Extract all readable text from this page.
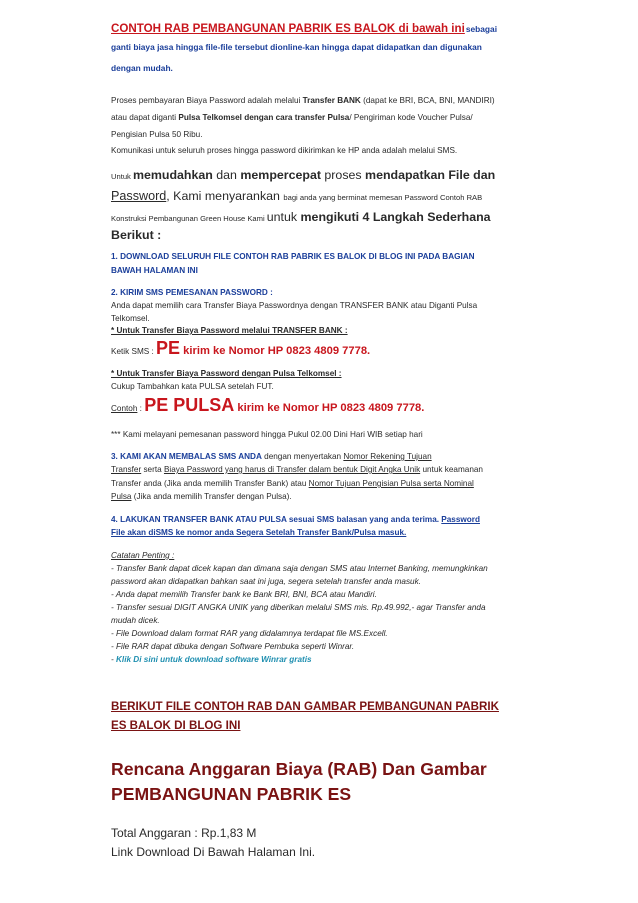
CONTOH RAB PEMBANGUNAN PABRIK ES BALOK di bawah inisebagai
ganti biaya jasa hingga file-file tersebut dionline-kan hingga dapat didapatkan dan digunakan
dengan mudah.
Proses pembayaran Biaya Password adalah melalui Transfer BANK (dapat ke BRI, BCA, BNI, MANDIRI)
atau dapat diganti Pulsa Telkomsel dengan cara transfer Pulsa/ Pengiriman kode Voucher Pulsa/
Pengisian Pulsa 50 Ribu.
Komunikasi untuk seluruh proses hingga password dikirimkan ke HP anda adalah melalui SMS.
Untuk memudahkan dan mempercepat proses mendapatkan File dan
Password, Kami menyarankan bagi anda yang berminat memesan Password Contoh RAB
Konstruksi Pembangunan Green House Kami untuk mengikuti 4 Langkah Sederhana
Berikut :
1. DOWNLOAD SELURUH FILE CONTOH RAB PABRIK ES BALOK DI BLOG INI PADA BAGIAN
BAWAH HALAMAN INI
2. KIRIM SMS PEMESANAN PASSWORD :
Anda dapat memilih cara Transfer Biaya Passwordnya dengan TRANSFER BANK atau Diganti Pulsa
Telkomsel.
* Untuk Transfer Biaya Password melalui TRANSFER BANK :
Ketik SMS : PE kirim ke Nomor HP 0823 4809 7778.
* Untuk Transfer Biaya Password dengan Pulsa Telkomsel :
Cukup Tambahkan kata PULSA setelah FUT.
Contoh : PE PULSA kirim ke Nomor HP 0823 4809 7778.
*** Kami melayani pemesanan password hingga Pukul 02.00 Dini Hari WIB setiap hari
3. KAMI AKAN MEMBALAS SMS ANDA dengan menyertakan Nomor Rekening Tujuan
Transfer serta Biaya Password yang harus di Transfer dalam bentuk Digit Angka Unik untuk keamanan
Transfer anda (Jika anda memilih Transfer Bank) atau Nomor Tujuan Pengisian Pulsa serta Nominal
Pulsa (Jika anda memilih Transfer dengan Pulsa).
4. LAKUKAN TRANSFER BANK ATAU PULSA sesuai SMS balasan yang anda terima. Password
File akan diSMS ke nomor anda Segera Setelah Transfer Bank/Pulsa masuk.
Catatan Penting :
- Transfer Bank dapat dicek kapan dan dimana saja dengan SMS atau Internet Banking, memungkinkan
password akan didapatkan bahkan saat ini juga, segera setelah transfer anda masuk.
- Anda dapat memilih Transfer bank ke Bank BRI, BNI, BCA atau Mandiri.
- Transfer sesuai DIGIT ANGKA UNIK yang diberikan melalui SMS mis. Rp.49.992,- agar Transfer anda
mudah dicek.
- File Download dalam format RAR yang didalamnya terdapat file MS.Excell.
- File RAR dapat dibuka dengan Software Pembuka seperti Winrar.
- Klik Di sini untuk download software Winrar gratis
BERIKUT FILE CONTOH RAB DAN GAMBAR PEMBANGUNAN PABRIK
ES BALOK DI BLOG INI
Rencana Anggaran Biaya (RAB) Dan Gambar
PEMBANGUNAN PABRIK ES
Total Anggaran : Rp.1,83 M
Link Download Di Bawah Halaman Ini.
